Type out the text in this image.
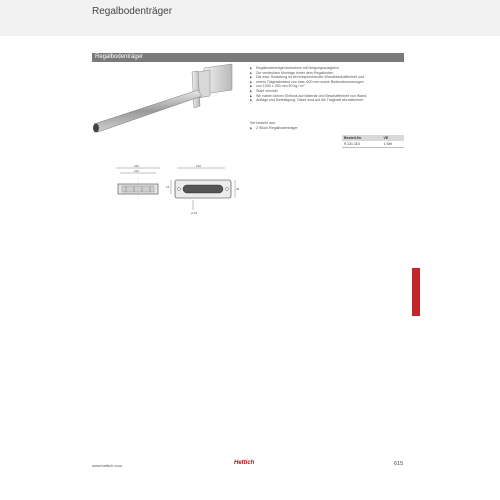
Regalbodenträger
Regalbodenträger
▶ Regalbodenträger/aufnahme mit Neigungsausgleich
▶ Zur verdeckten Montage hinter dem Regalboden
▶ Die max. Belastung ist bei entsprechender Wandbeschaffenheit und
▶ einem Trägerabstand von max. 600 mm sowie Bodenabmessungen
▶ von 1000 x 250 mm 50 kg / m²
▶ Stahl verzinkt
▶ Wir haben keinen Einfluss auf Material und Beschaffenheit von Wand,
▶ Auflage und Befestigung. Diese sind auf die Tragkraft abzustimmen.
Set besteht aus:
▶ 2 Stück Regalbodenträger
Bestell-Nr.	VE
9 131 110	1 Set
230
210
160
15	36
ø 20
www.hettich.com	Hettich	615
